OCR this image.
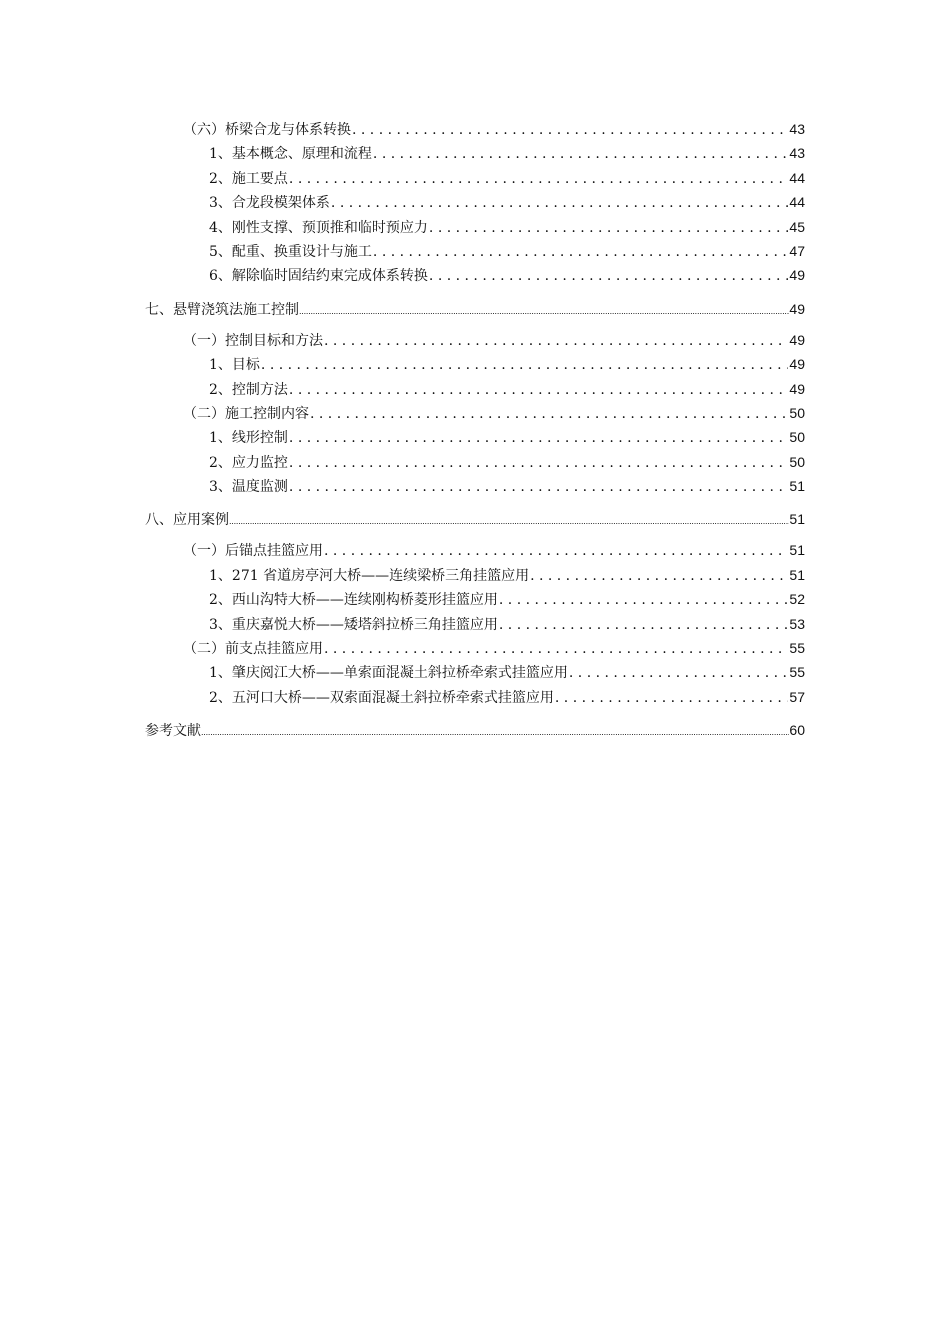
（六）桥梁合龙与体系转换 . . .	43
1、基本概念、原理和流程 . . .	43
2、施工要点 . . .	44
3、合龙段模架体系 . . .	44
4、刚性支撑、预顶推和临时预应力 . . .	45
5、配重、换重设计与施工 . . .	47
6、解除临时固结约束完成体系转换 . . .	49
七、悬臂浇筑法施工控制 .....	49
（一）控制目标和方法 . . .	49
1、目标 . . .	49
2、控制方法 . . .	49
（二）施工控制内容 . . .	50
1、线形控制 . . .	50
2、应力监控 . . .	50
3、温度监测 . . .	51
八、应用案例 .....	51
（一）后锚点挂篮应用 . . .	51
1、271 省道房亭河大桥——连续梁桥三角挂篮应用 . . .	51
2、西山沟特大桥——连续刚构桥菱形挂篮应用 . . .	52
3、重庆嘉悦大桥——矮塔斜拉桥三角挂篮应用 . . .	53
（二）前支点挂篮应用 . . .	55
1、肇庆阅江大桥——单索面混凝土斜拉桥牵索式挂篮应用 . . .	55
2、五河口大桥——双索面混凝土斜拉桥牵索式挂篮应用 . . .	57
参考文献 .....	60
